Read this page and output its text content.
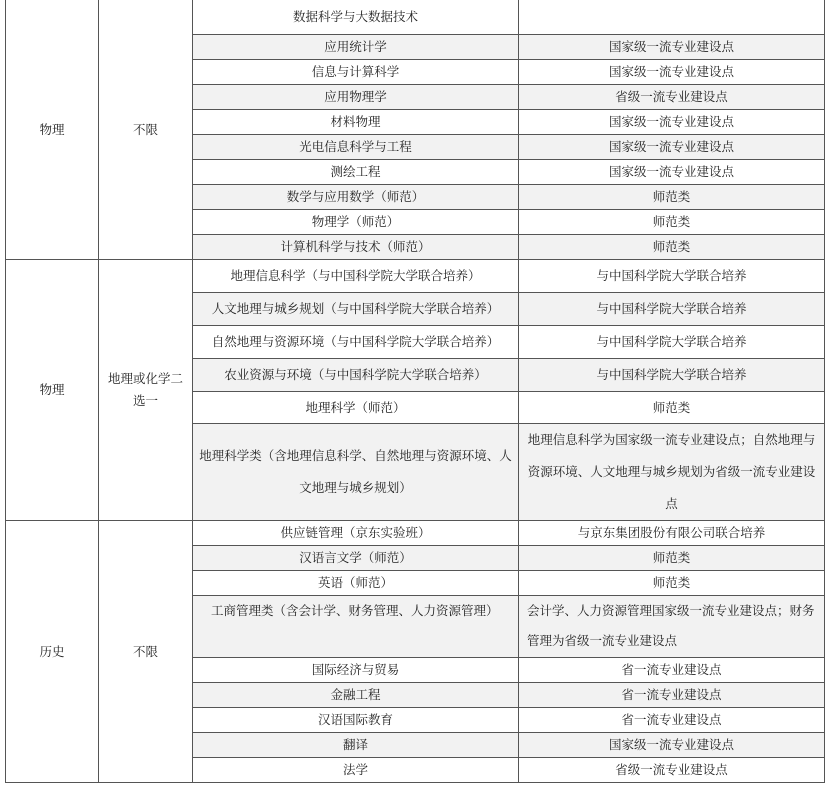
物理	不限	数据科学与大数据技术	
		应用统计学	国家级一流专业建设点
		信息与计算科学	国家级一流专业建设点
		应用物理学	省级一流专业建设点
		材料物理	国家级一流专业建设点
		光电信息科学与工程	国家级一流专业建设点
		测绘工程	国家级一流专业建设点
		数学与应用数学（师范）	师范类
		物理学（师范）	师范类
		计算机科学与技术（师范）	师范类
物理	地理或化学二选一	地理信息科学（与中国科学院大学联合培养）	与中国科学院大学联合培养
		人文地理与城乡规划（与中国科学院大学联合培养）	与中国科学院大学联合培养
		自然地理与资源环境（与中国科学院大学联合培养）	与中国科学院大学联合培养
		农业资源与环境（与中国科学院大学联合培养）	与中国科学院大学联合培养
		地理科学（师范）	师范类
		地理科学类（含地理信息科学、自然地理与资源环境、人文地理与城乡规划）	地理信息科学为国家级一流专业建设点；自然地理与资源环境、人文地理与城乡规划为省级一流专业建设点
历史	不限	供应链管理（京东实验班）	与京东集团股份有限公司联合培养
		汉语言文学（师范）	师范类
		英语（师范）	师范类
		工商管理类（含会计学、财务管理、人力资源管理）	会计学、人力资源管理国家级一流专业建设点；财务管理为省级一流专业建设点
		国际经济与贸易	省一流专业建设点
		金融工程	省一流专业建设点
		汉语国际教育	省一流专业建设点
		翻译	国家级一流专业建设点
		法学	省级一流专业建设点
